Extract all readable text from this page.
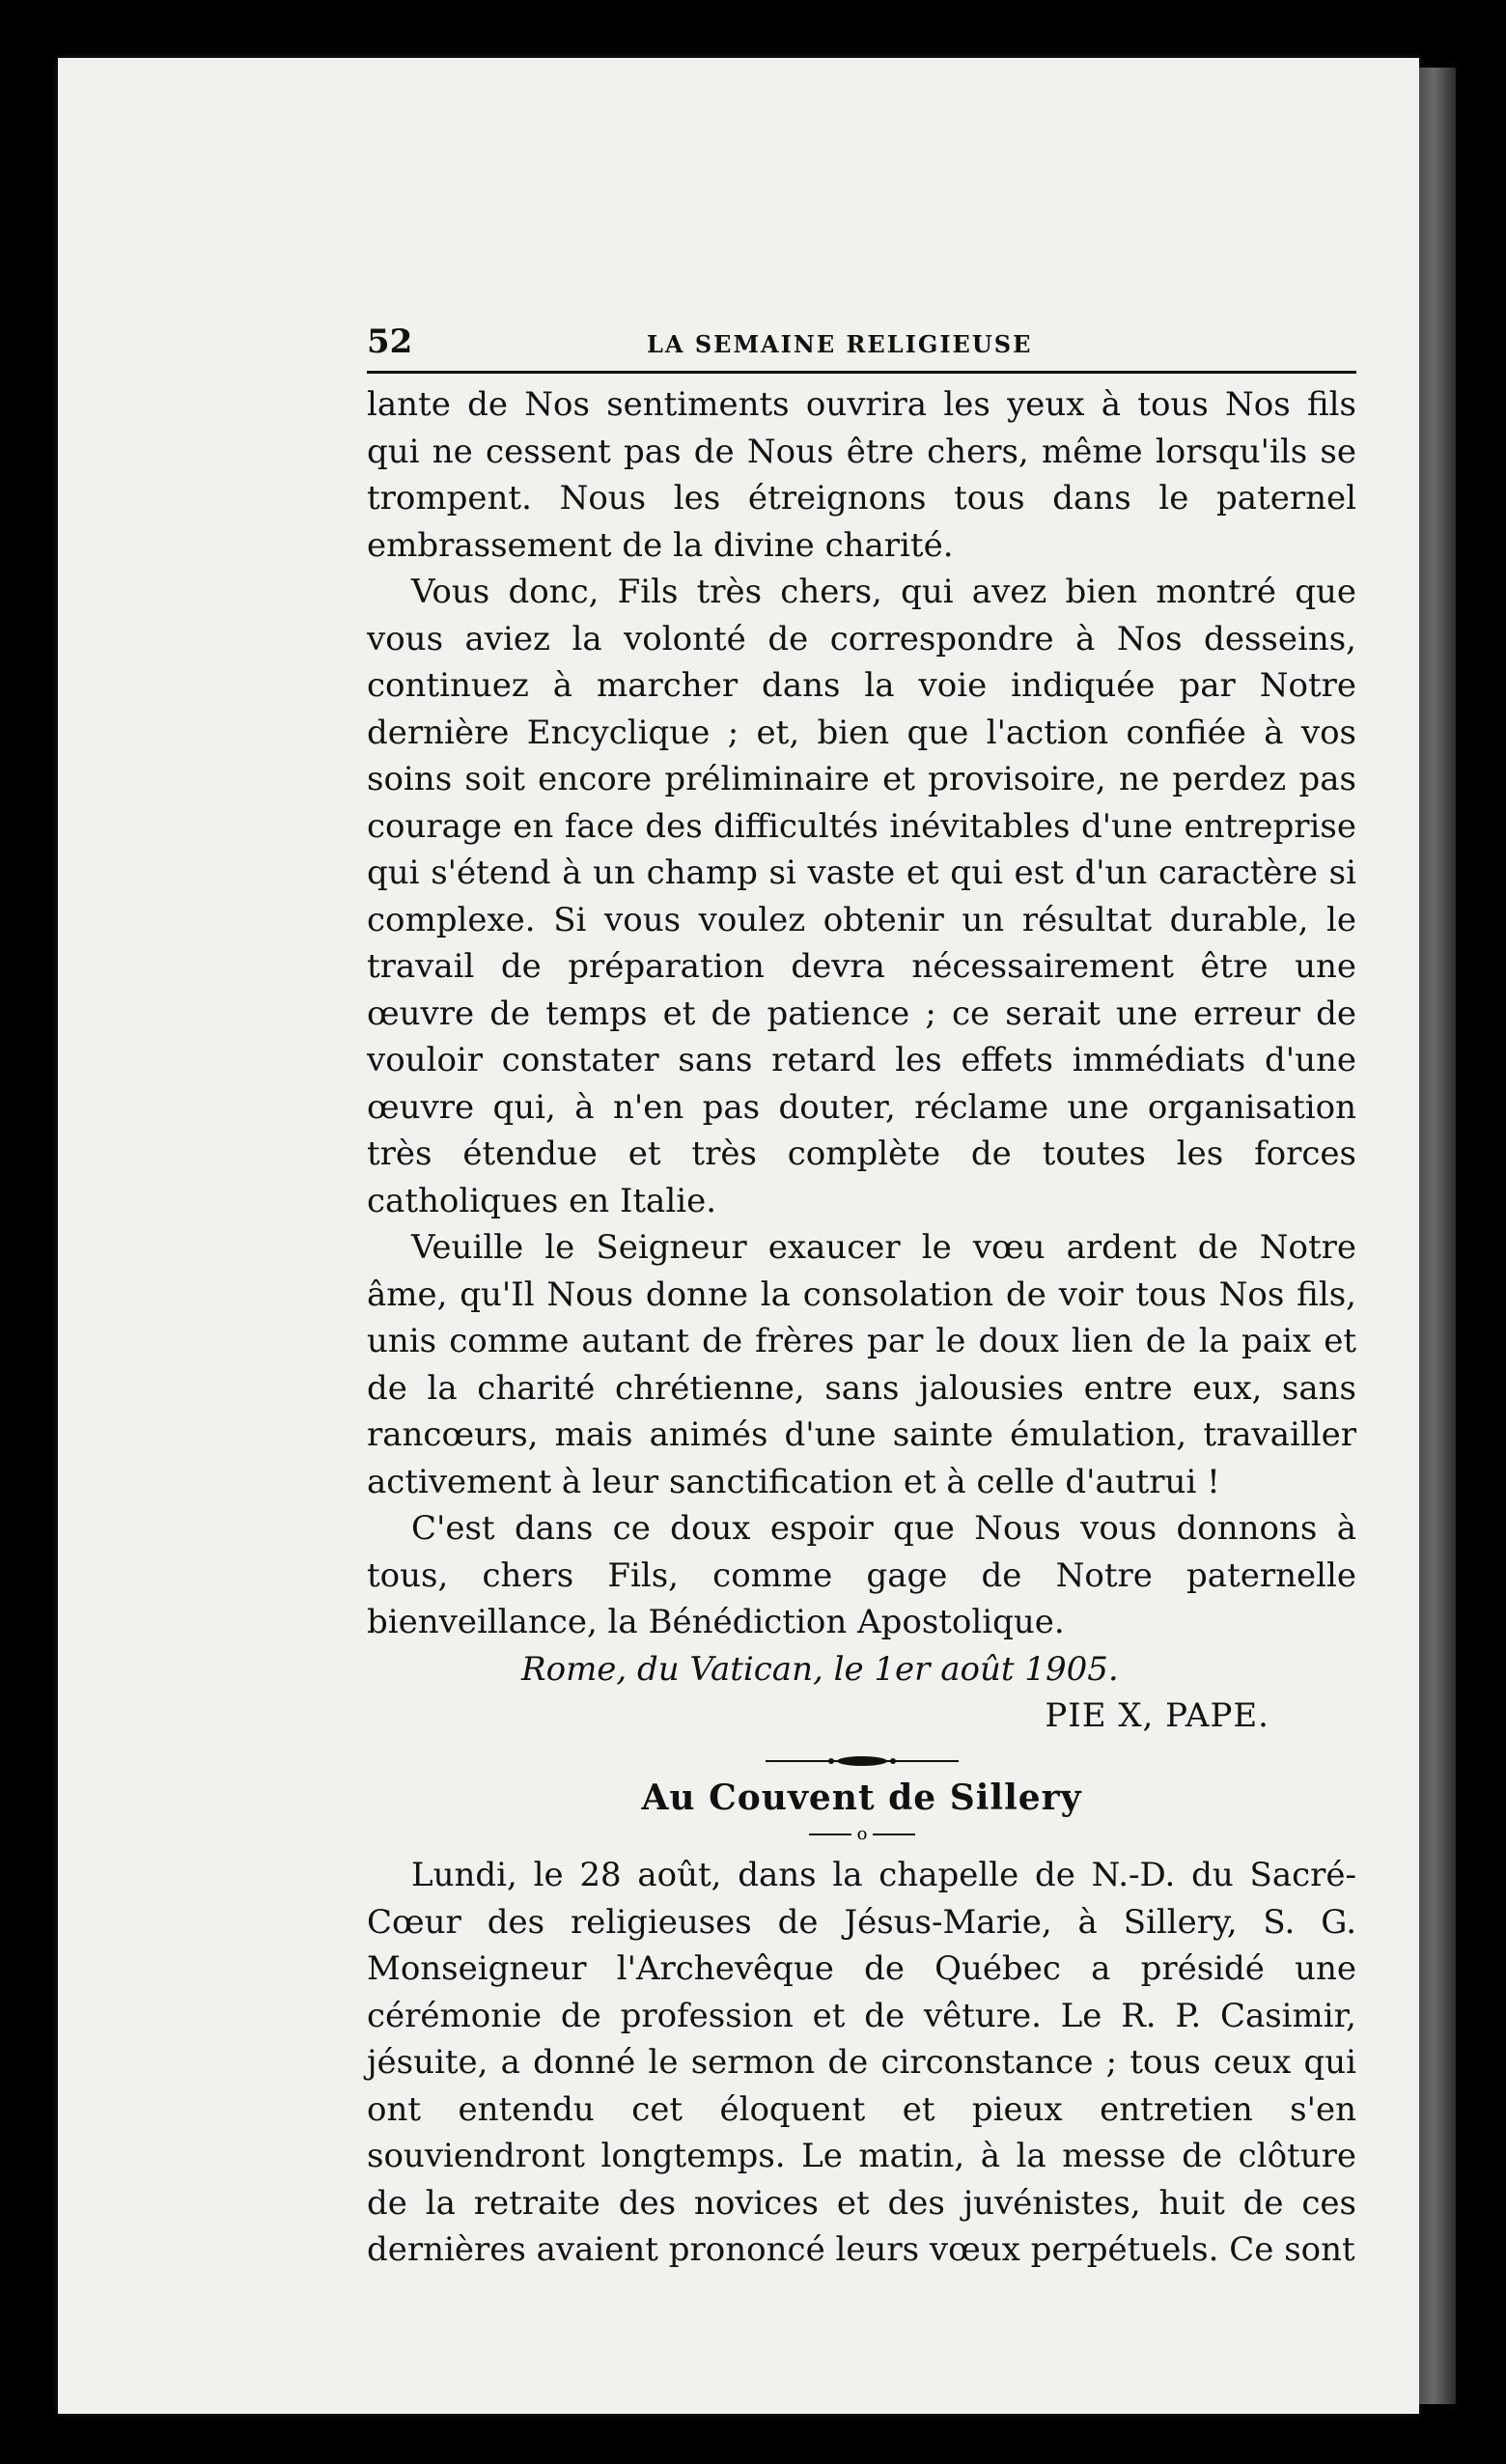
52	LA SEMAINE RELIGIEUSE

lante de Nos sentiments ouvrira les yeux à tous Nos fils qui ne cessent pas de Nous être chers, même lorsqu'ils se trompent. Nous les étreignons tous dans le paternel embrassement de la divine charité.

Vous donc, Fils très chers, qui avez bien montré que vous aviez la volonté de correspondre à Nos desseins, continuez à marcher dans la voie indiquée par Notre dernière Encyclique ; et, bien que l'action confiée à vos soins soit encore préliminaire et provisoire, ne perdez pas courage en face des difficultés inévitables d'une entreprise qui s'étend à un champ si vaste et qui est d'un caractère si complexe. Si vous voulez obtenir un résultat durable, le travail de préparation devra nécessairement être une œuvre de temps et de patience ; ce serait une erreur de vouloir constater sans retard les effets immédiats d'une œuvre qui, à n'en pas douter, réclame une organisation très étendue et très complète de toutes les forces catholiques en Italie.

Veuille le Seigneur exaucer le vœu ardent de Notre âme, qu'Il Nous donne la consolation de voir tous Nos fils, unis comme autant de frères par le doux lien de la paix et de la charité chrétienne, sans jalousies entre eux, sans rancœurs, mais animés d'une sainte émulation, travailler activement à leur sanctification et à celle d'autrui !

C'est dans ce doux espoir que Nous vous donnons à tous, chers Fils, comme gage de Notre paternelle bienveillance, la Bénédiction Apostolique.

Rome, du Vatican, le 1er août 1905.

PIE X, PAPE.

Au Couvent de Sillery
o

Lundi, le 28 août, dans la chapelle de N.-D. du Sacré-Cœur des religieuses de Jésus-Marie, à Sillery, S. G. Monseigneur l'Archevêque de Québec a présidé une cérémonie de profession et de vêture. Le R. P. Casimir, jésuite, a donné le sermon de circonstance ; tous ceux qui ont entendu cet éloquent et pieux entretien s'en souviendront longtemps. Le matin, à la messe de clôture de la retraite des novices et des juvénistes, huit de ces dernières avaient prononcé leurs vœux perpétuels. Ce sont
